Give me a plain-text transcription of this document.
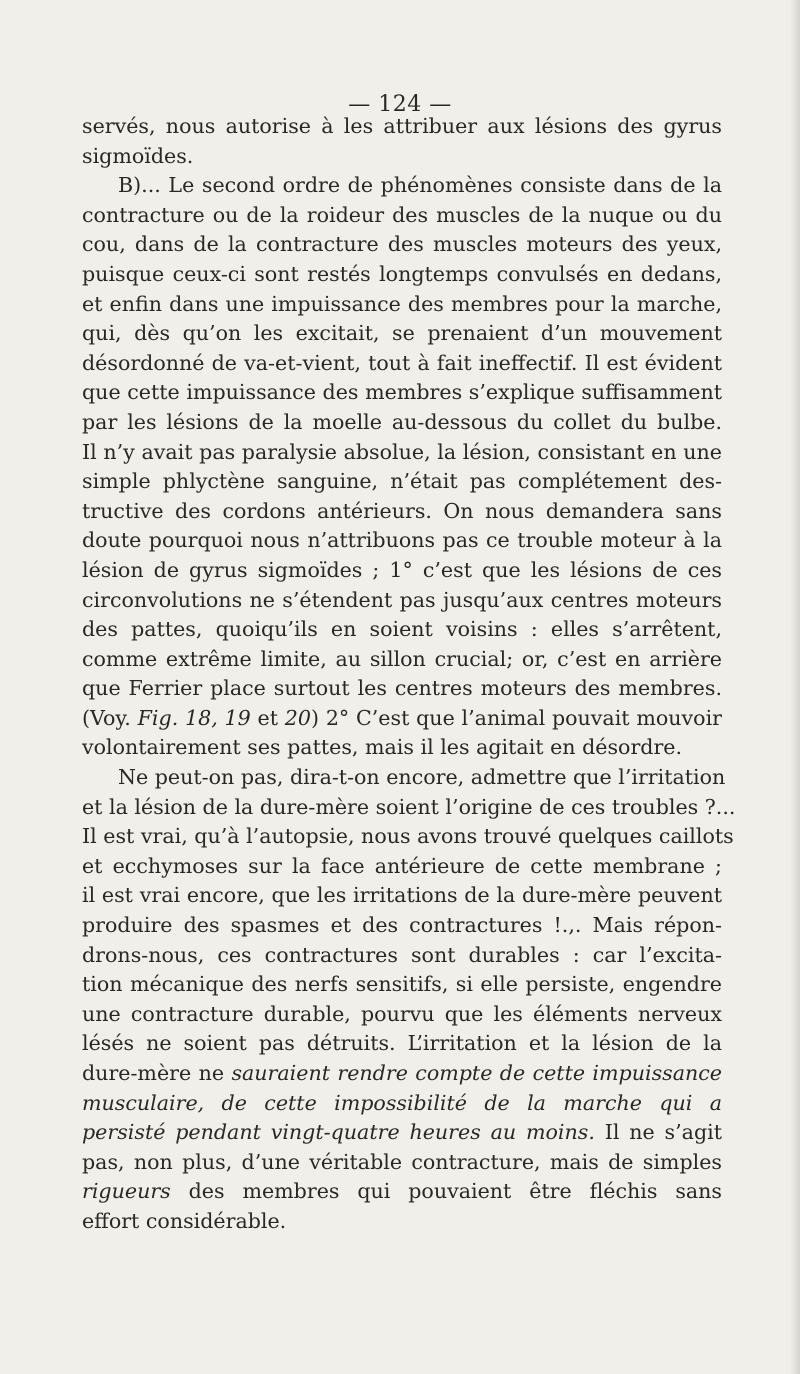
— 124 —
servés, nous autorise à les attribuer aux lésions des gyrus
sigmoïdes.
B)... Le second ordre de phénomènes consiste dans de la
contracture ou de la roideur des muscles de la nuque ou du
cou, dans de la contracture des muscles moteurs des yeux,
puisque ceux-ci sont restés longtemps convulsés en dedans,
et enfin dans une impuissance des membres pour la marche,
qui, dès qu’on les excitait, se prenaient d’un mouvement
désordonné de va-et-vient, tout à fait ineffectif. Il est évident
que cette impuissance des membres s’explique suffisamment
par les lésions de la moelle au-dessous du collet du bulbe.
Il n’y avait pas paralysie absolue, la lésion, consistant en une
simple phlyctène sanguine, n’était pas complétement des-
tructive des cordons antérieurs. On nous demandera sans
doute pourquoi nous n’attribuons pas ce trouble moteur à la
lésion de gyrus sigmoïdes ; 1° c’est que les lésions de ces
circonvolutions ne s’étendent pas jusqu’aux centres moteurs
des pattes, quoiqu’ils en soient voisins : elles s’arrêtent,
comme extrême limite, au sillon crucial; or, c’est en arrière
que Ferrier place surtout les centres moteurs des membres.
(Voy. Fig. 18, 19 et 20) 2° C’est que l’animal pouvait mouvoir
volontairement ses pattes, mais il les agitait en désordre.
Ne peut-on pas, dira-t-on encore, admettre que l’irritation
et la lésion de la dure-mère soient l’origine de ces troubles ?...
Il est vrai, qu’à l’autopsie, nous avons trouvé quelques caillots
et ecchymoses sur la face antérieure de cette membrane ;
il est vrai encore, que les irritations de la dure-mère peuvent
produire des spasmes et des contractures !.,. Mais répon-
drons-nous, ces contractures sont durables : car l’excita-
tion mécanique des nerfs sensitifs, si elle persiste, engendre
une contracture durable, pourvu que les éléments nerveux
lésés ne soient pas détruits. L’irritation et la lésion de la
dure-mère ne sauraient rendre compte de cette impuissance
musculaire, de cette impossibilité de la marche qui a
persisté pendant vingt-quatre heures au moins. Il ne s’agit
pas, non plus, d’une véritable contracture, mais de simples
rigueurs des membres qui pouvaient être fléchis sans
effort considérable.
